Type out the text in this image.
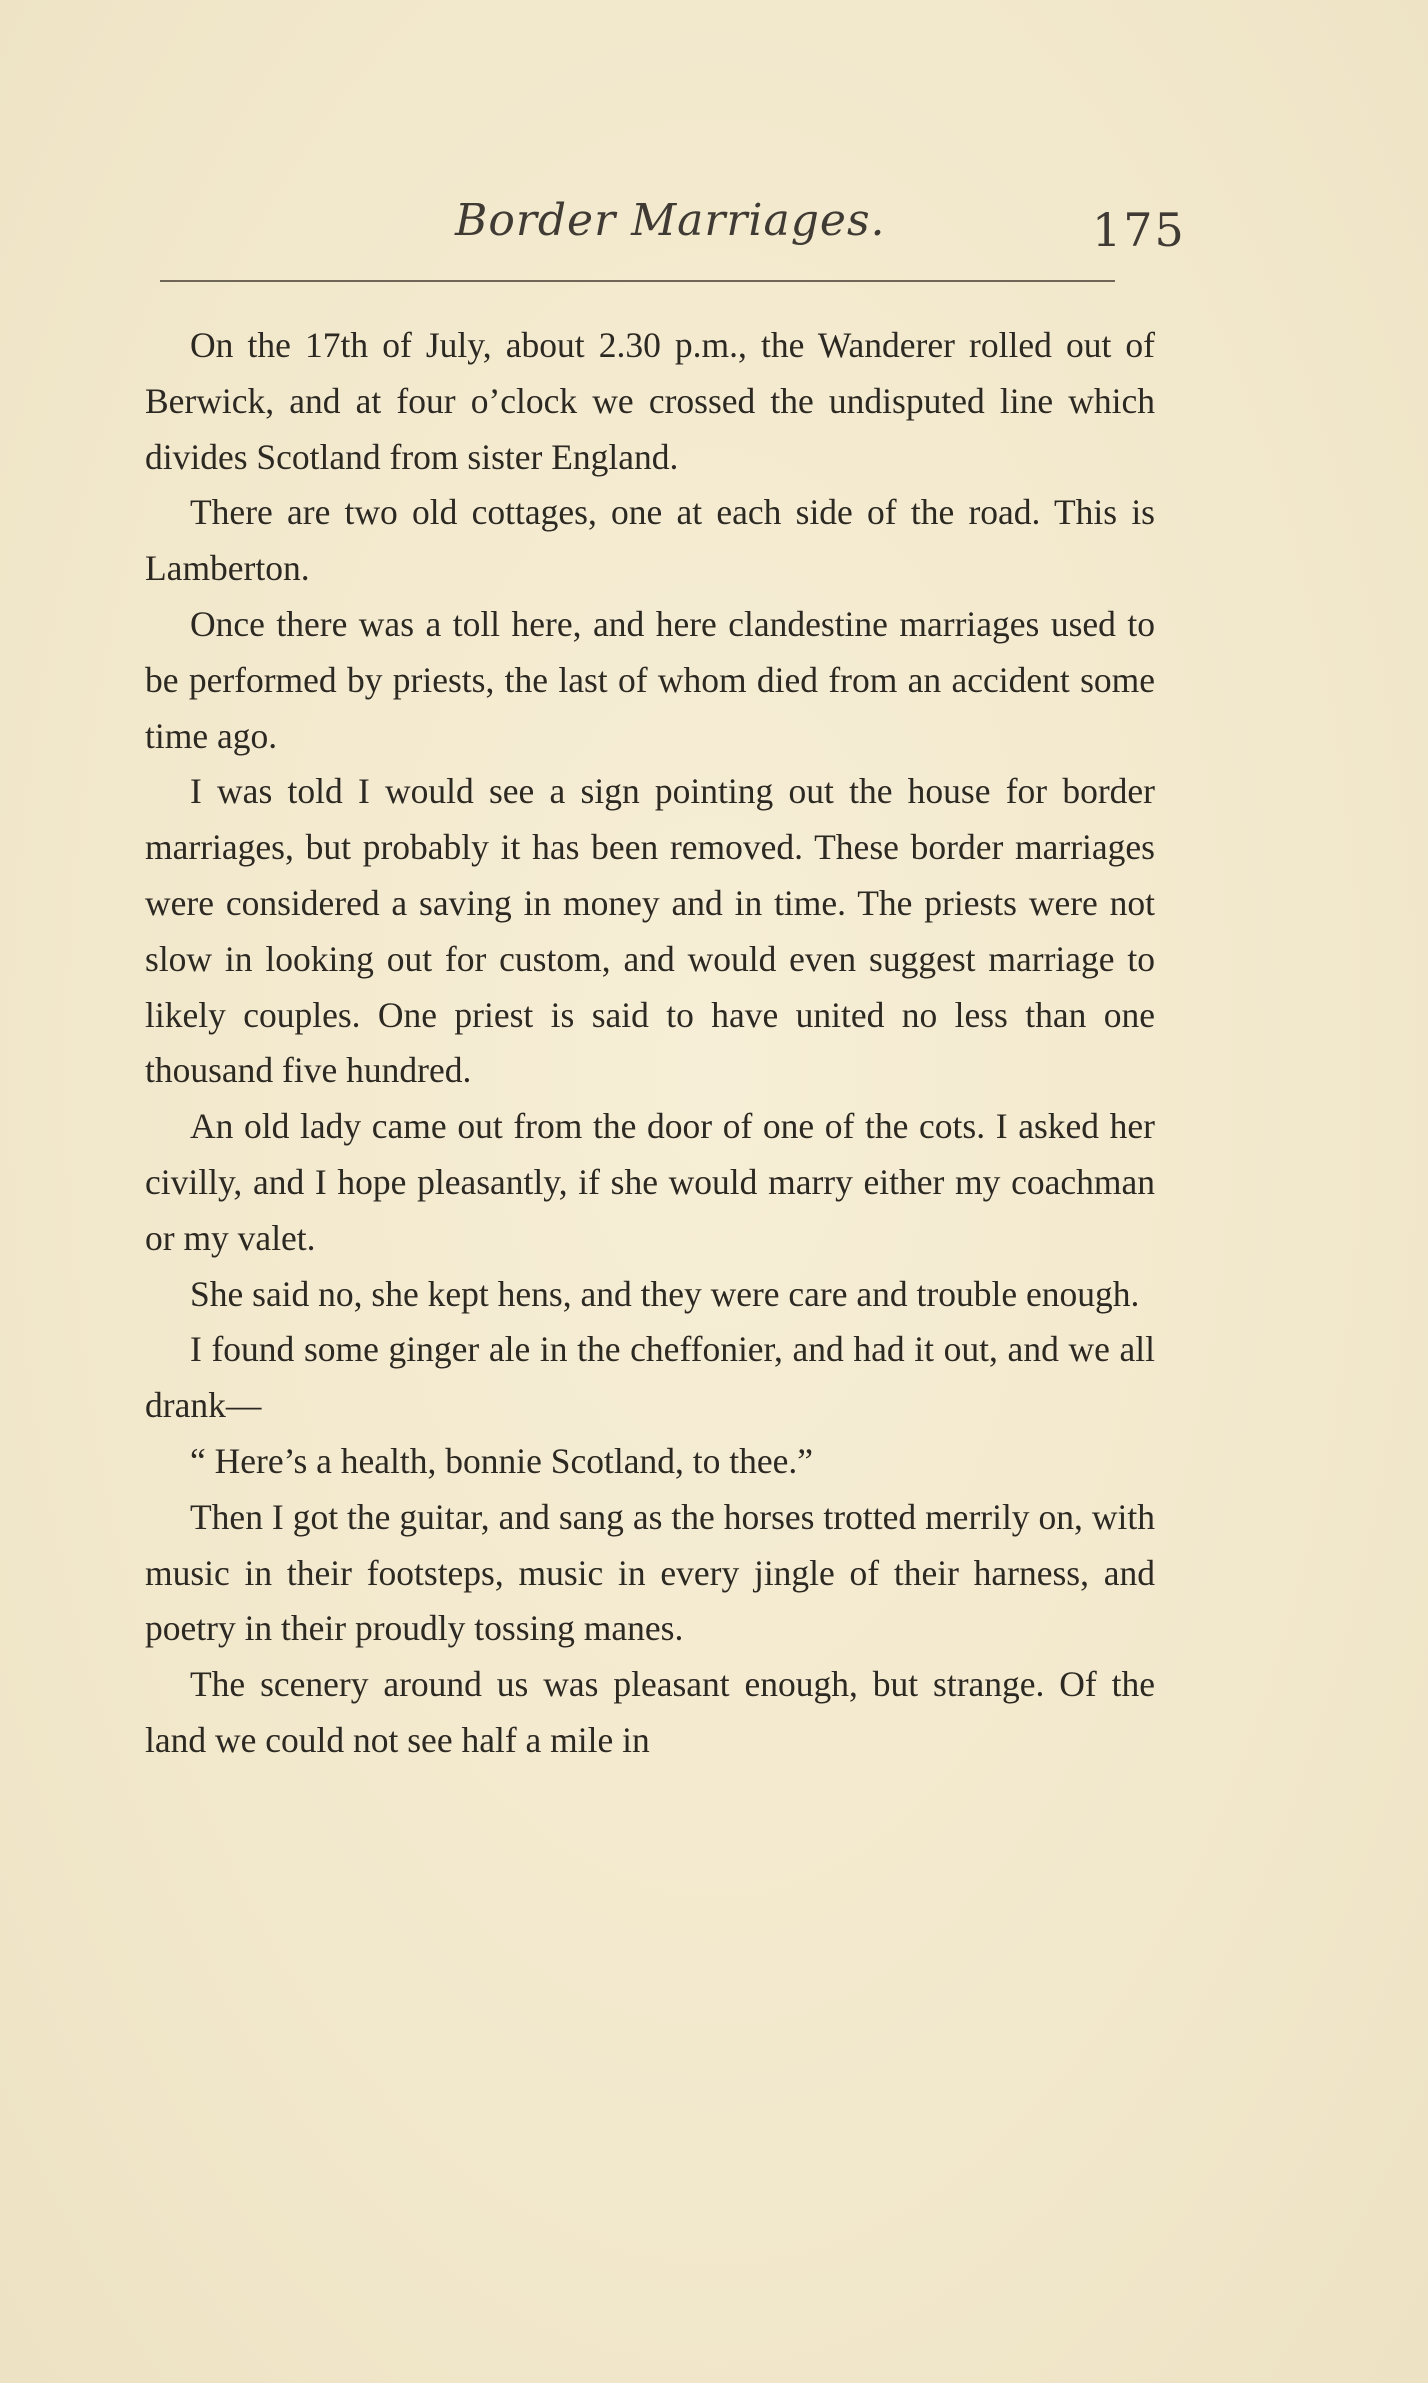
Border Marriages.	175

On the 17th of July, about 2.30 p.m., the Wanderer rolled out of Berwick, and at four o’clock we crossed the undisputed line which divides Scotland from sister England.

There are two old cottages, one at each side of the road. This is Lamberton.

Once there was a toll here, and here clandestine marriages used to be performed by priests, the last of whom died from an accident some time ago.

I was told I would see a sign pointing out the house for border marriages, but probably it has been removed. These border marriages were considered a saving in money and in time. The priests were not slow in looking out for custom, and would even suggest marriage to likely couples. One priest is said to have united no less than one thousand five hundred.

An old lady came out from the door of one of the cots. I asked her civilly, and I hope pleasantly, if she would marry either my coachman or my valet.

She said no, she kept hens, and they were care and trouble enough.

I found some ginger ale in the cheffonier, and had it out, and we all drank—

“ Here’s a health, bonnie Scotland, to thee.”

Then I got the guitar, and sang as the horses trotted merrily on, with music in their footsteps, music in every jingle of their harness, and poetry in their proudly tossing manes.

The scenery around us was pleasant enough, but strange. Of the land we could not see half a mile in
